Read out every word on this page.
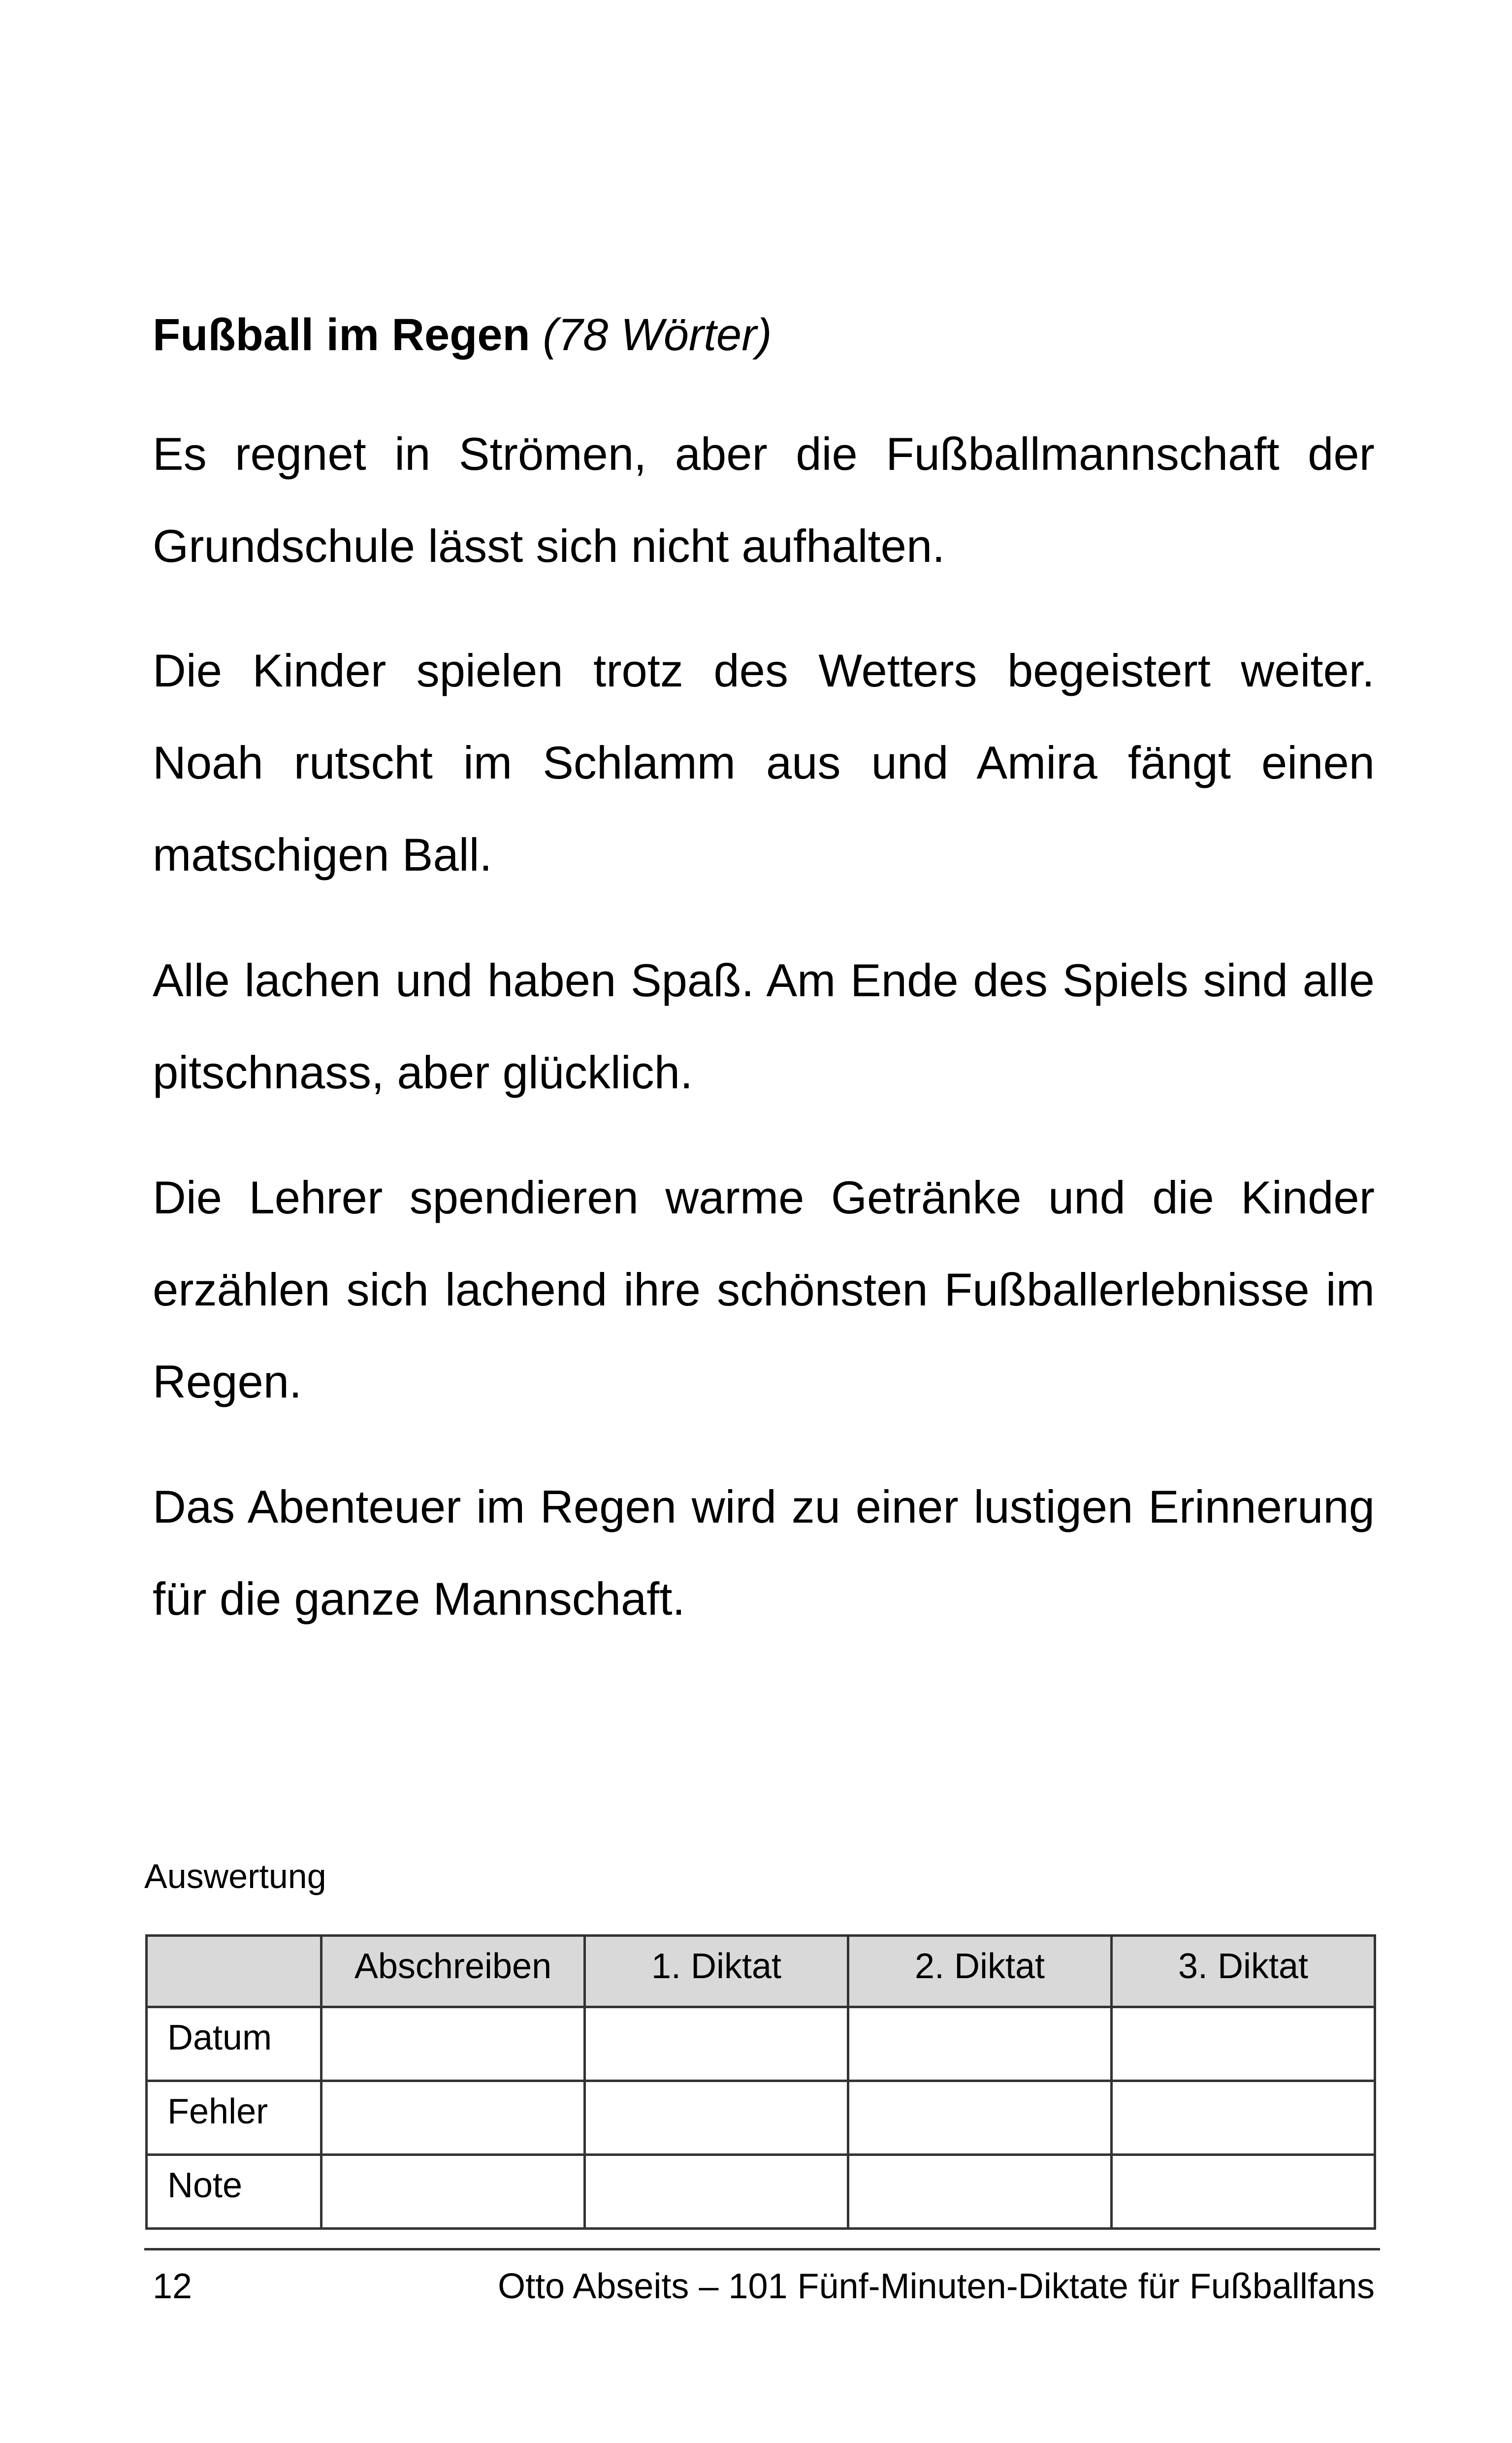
Fußball im Regen (78 Wörter)
Es regnet in Strömen, aber die Fußballmannschaft der Grundschule lässt sich nicht aufhalten.
Die Kinder spielen trotz des Wetters begeistert weiter. Noah rutscht im Schlamm aus und Amira fängt einen matschigen Ball.
Alle lachen und haben Spaß. Am Ende des Spiels sind alle pitschnass, aber glücklich.
Die Lehrer spendieren warme Getränke und die Kinder erzählen sich lachend ihre schönsten Fußballerlebnisse im Regen.
Das Abenteuer im Regen wird zu einer lustigen Erinnerung für die ganze Mannschaft.
Auswertung
	Abschreiben	1. Diktat	2. Diktat	3. Diktat
Datum				
Fehler				
Note				
12	Otto Abseits – 101 Fünf-Minuten-Diktate für Fußballfans
